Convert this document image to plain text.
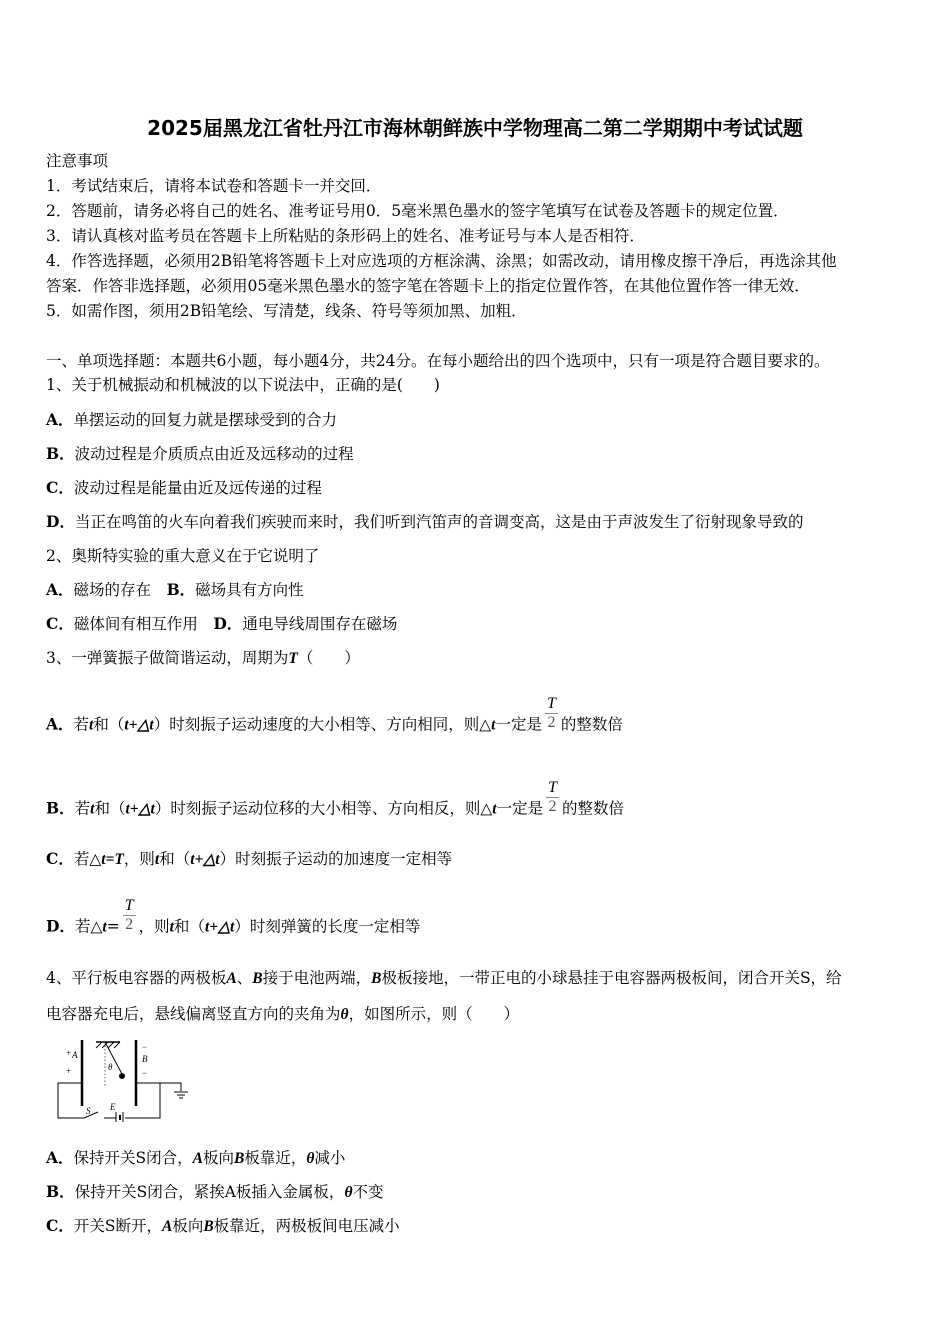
2025届黑龙江省牡丹江市海林朝鲜族中学物理高二第二学期期中考试试题
注意事项
1．考试结束后，请将本试卷和答题卡一并交回．
2．答题前，请务必将自己的姓名、准考证号用0．5毫米黑色墨水的签字笔填写在试卷及答题卡的规定位置．
3．请认真核对监考员在答题卡上所粘贴的条形码上的姓名、准考证号与本人是否相符．
4．作答选择题，必须用2B铅笔将答题卡上对应选项的方框涂满、涂黑；如需改动，请用橡皮擦干净后，再选涂其他
答案．作答非选择题，必须用05毫米黑色墨水的签字笔在答题卡上的指定位置作答，在其他位置作答一律无效．
5．如需作图，须用2B铅笔绘、写清楚，线条、符号等须加黑、加粗．
一、单项选择题：本题共6小题，每小题4分，共24分。在每小题给出的四个选项中，只有一项是符合题目要求的。
1、关于机械振动和机械波的以下说法中，正确的是(　　)
A．单摆运动的回复力就是摆球受到的合力
B．波动过程是介质质点由近及远移动的过程
C．波动过程是能量由近及远传递的过程
D．当正在鸣笛的火车向着我们疾驶而来时，我们听到汽笛声的音调变高，这是由于声波发生了衍射现象导致的
2、奥斯特实验的重大意义在于它说明了
A．磁场的存在　 B．磁场具有方向性
C．磁体间有相互作用　 D．通电导线周围存在磁场
3、一弹簧振子做简谐运动，周期为T（　　）
A．若t和（t+△t）时刻振子运动速度的大小相等、方向相同，则△t一定是 $\frac{T}{2}$ 的整数倍
B．若t和（t+△t）时刻振子运动位移的大小相等、方向相反，则△t一定是 $\frac{T}{2}$ 的整数倍
C．若△t=T，则t和（t+△t）时刻振子运动的加速度一定相等
D．若△t= $\frac{T}{2}$ ，则t和（t+△t）时刻弹簧的长度一定相等
4、平行板电容器的两极板A、B接于电池两端，B极板接地，一带正电的小球悬挂于电容器两极板间，闭合开关S，给
电容器充电后，悬线偏离竖直方向的夹角为θ，如图所示，则（　　）
θ
+ A
+
−
B
−
S E
A．保持开关S闭合，A板向B板靠近，θ减小
B．保持开关S闭合，紧挨A板插入金属板，θ不变
C．开关S断开，A板向B板靠近，两极板间电压减小
